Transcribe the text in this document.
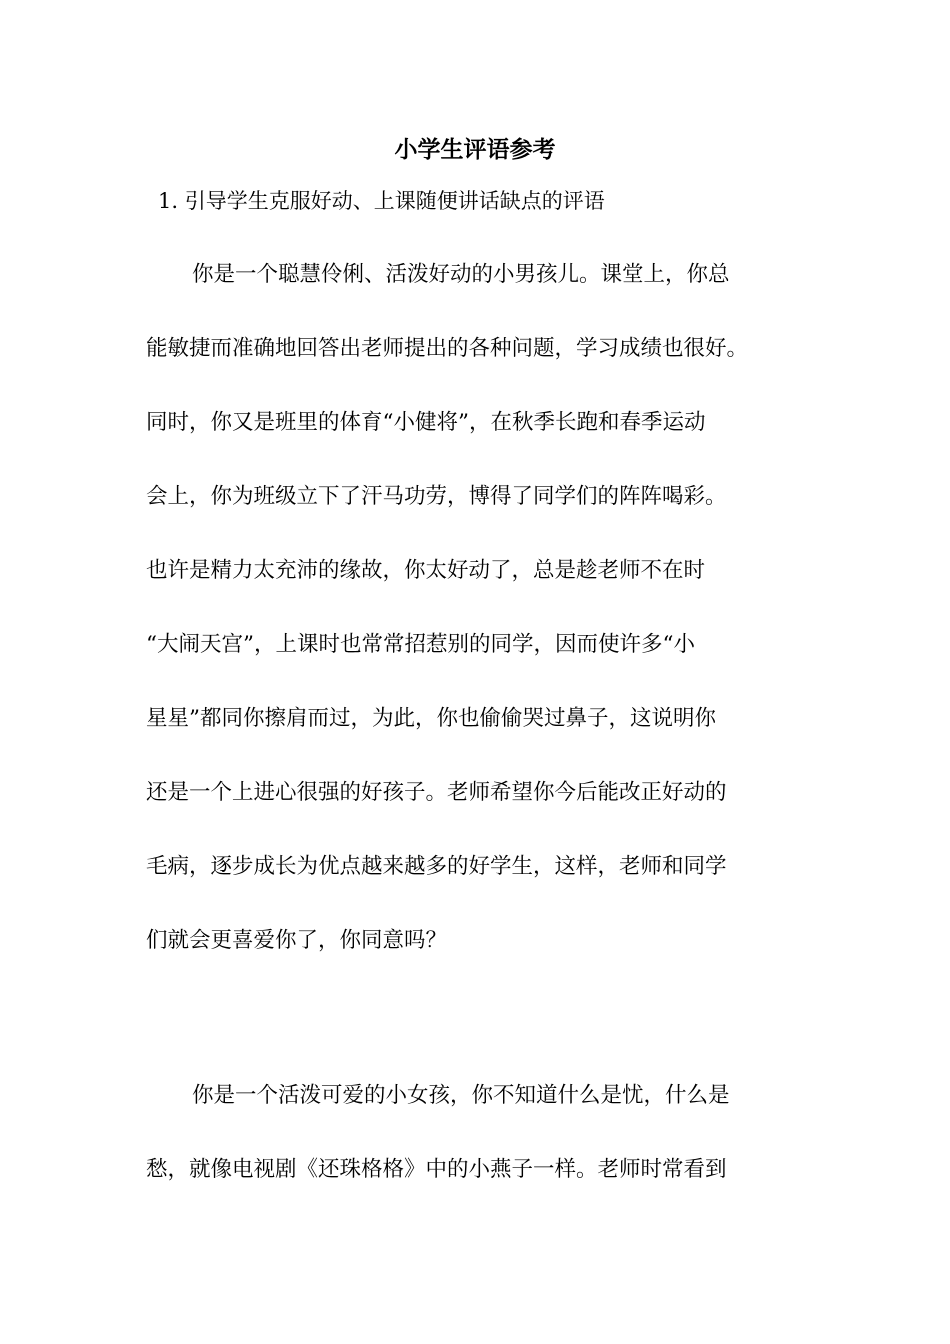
小学生评语参考
1. 引导学生克服好动、上课随便讲话缺点的评语
你是一个聪慧伶俐、活泼好动的小男孩儿。课堂上，你总
能敏捷而准确地回答出老师提出的各种问题，学习成绩也很好。
同时，你又是班里的体育“小健将”，在秋季长跑和春季运动
会上，你为班级立下了汗马功劳，博得了同学们的阵阵喝彩。
也许是精力太充沛的缘故，你太好动了，总是趁老师不在时
“大闹天宫”，上课时也常常招惹别的同学，因而使许多“小
星星”都同你擦肩而过，为此，你也偷偷哭过鼻子，这说明你
还是一个上进心很强的好孩子。老师希望你今后能改正好动的
毛病，逐步成长为优点越来越多的好学生，这样，老师和同学
们就会更喜爱你了，你同意吗？
你是一个活泼可爱的小女孩，你不知道什么是忧，什么是
愁，就像电视剧《还珠格格》中的小燕子一样。老师时常看到
